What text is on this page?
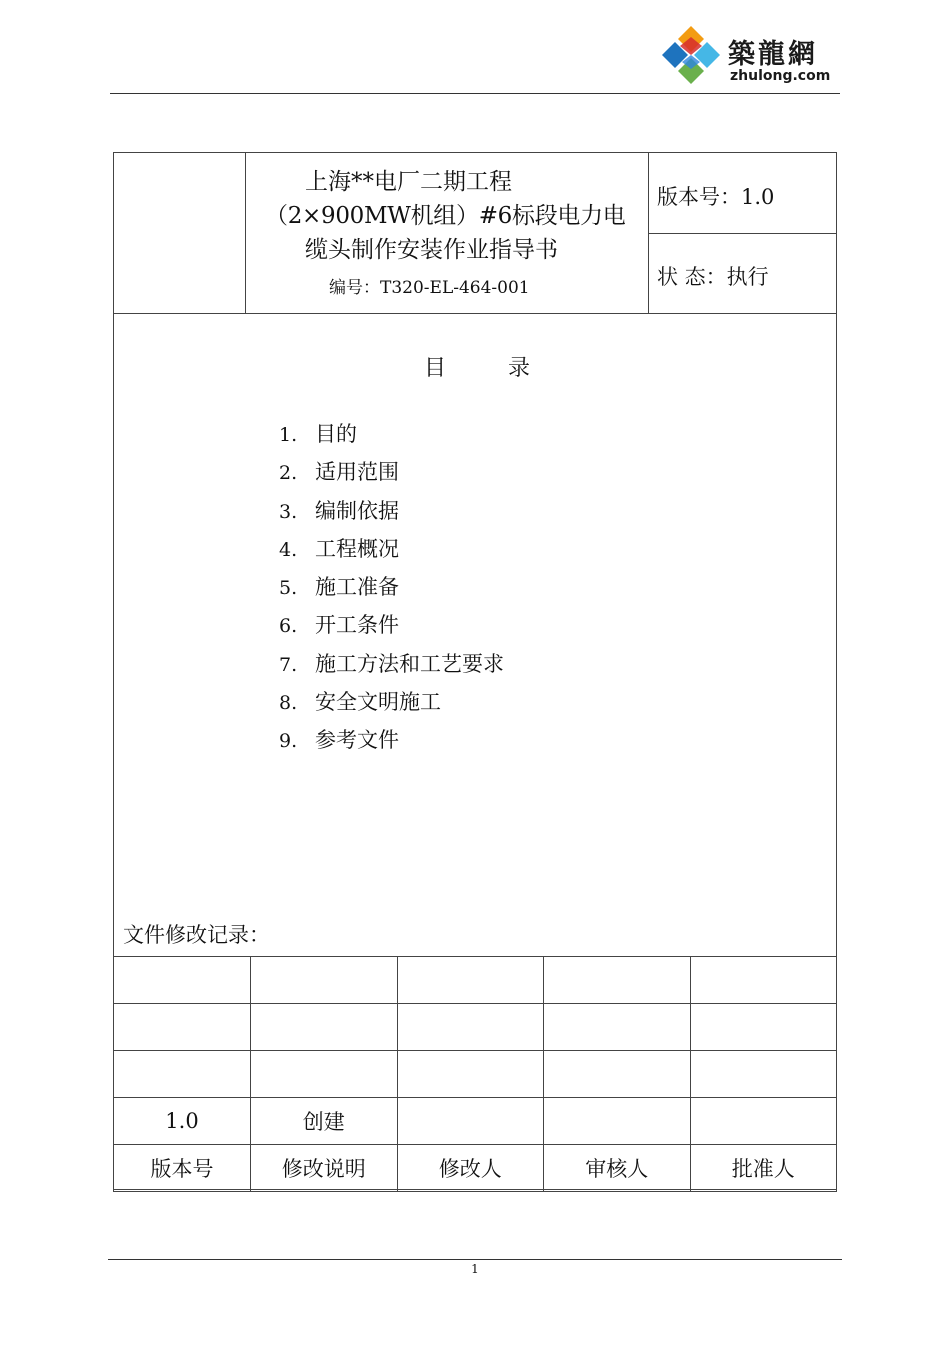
築龍網
zhulong.com
上海**电厂二期工程
（2×900MW机组）#6标段电力电
缆头制作安装作业指导书
编号：T320-EL-464-001
版本号：1.0
状 态：执行
目录
1. 目的
2. 适用范围
3. 编制依据
4. 工程概况
5. 施工准备
6. 开工条件
7. 施工方法和工艺要求
8. 安全文明施工
9. 参考文件
文件修改记录：

1.0	创建			
版本号	修改说明	修改人	审核人	批准人
1
